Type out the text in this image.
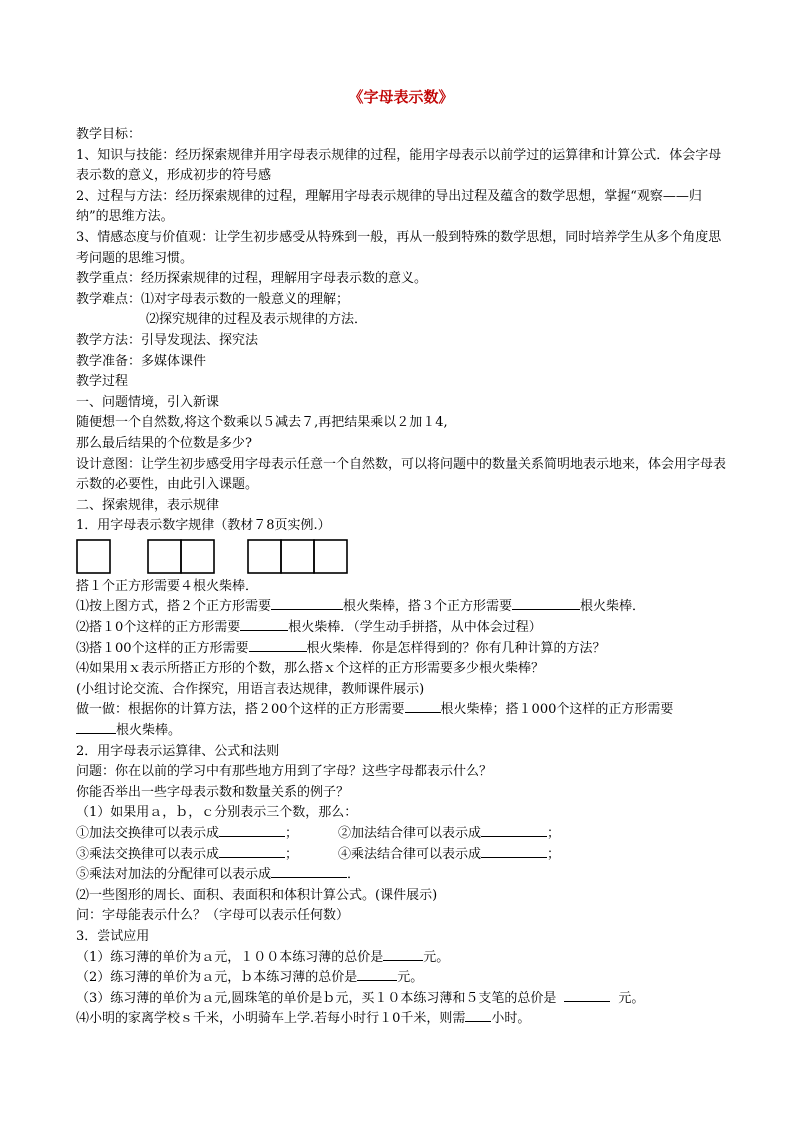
《字母表示数》
教学目标：
1、知识与技能：经历探索规律并用字母表示规律的过程，能用字母表示以前学过的运算律和计算公式．体会字母表示数的意义，形成初步的符号感
2、过程与方法：经历探索规律的过程，理解用字母表示规律的导出过程及蕴含的数学思想，掌握“观察——归纳”的思维方法。
3、情感态度与价值观：让学生初步感受从特殊到一般，再从一般到特殊的数学思想，同时培养学生从多个角度思考问题的思维习惯。
教学重点：经历探索规律的过程，理解用字母表示数的意义。
教学难点：⑴对字母表示数的一般意义的理解；
⑵探究规律的过程及表示规律的方法．
教学方法：引导发现法、探究法
教学准备：多媒体课件
教学过程
一、问题情境，引入新课
随便想一个自然数,将这个数乘以５减去７,再把结果乘以２加１4,
那么最后结果的个位数是多少?
设计意图：让学生初步感受用字母表示任意一个自然数，可以将问题中的数量关系简明地表示地来，体会用字母表示数的必要性，由此引入课题。
二、探索规律，表示规律
1．用字母表示数字规律（教材７8页实例.）
搭１个正方形需要４根火柴棒．
⑴按上图方式，搭２个正方形需要	根火柴棒，搭３个正方形需要	根火柴棒．
⑵搭１0个这样的正方形需要	根火柴棒．（学生动手拼搭，从中体会过程）
⑶搭１00个这样的正方形需要	根火柴棒．你是怎样得到的？你有几种计算的方法？
⑷如果用ｘ表示所搭正方形的个数，那么搭ｘ个这样的正方形需要多少根火柴棒？
(小组讨论交流、合作探究，用语言表达规律，教师课件展示)
做一做：根据你的计算方法，搭２00个这样的正方形需要	根火柴棒；搭１000个这样的正方形需要
根火柴棒。
2．用字母表示运算律、公式和法则
问题：你在以前的学习中有那些地方用到了字母？这些字母都表示什么？
你能否举出一些字母表示数和数量关系的例子？
（1）如果用ａ，ｂ，ｃ分别表示三个数，那么：
①加法交换律可以表示成	；	②加法结合律可以表示成	；
③乘法交换律可以表示成	；	④乘法结合律可以表示成	；
⑤乘法对加法的分配律可以表示成	．
⑵一些图形的周长、面积、表面积和体积计算公式。(课件展示)
问：字母能表示什么？（字母可以表示任何数）
3．尝试应用
（1）练习薄的单价为ａ元，１００本练习薄的总价是	元。
（2）练习薄的单价为ａ元，ｂ本练习薄的总价是	元。
（3）练习薄的单价为ａ元,圆珠笔的单价是ｂ元，买１０本练习薄和５支笔的总价是	元。
⑷小明的家离学校ｓ千米，小明骑车上学.若每小时行１0千米，则需 小时。
